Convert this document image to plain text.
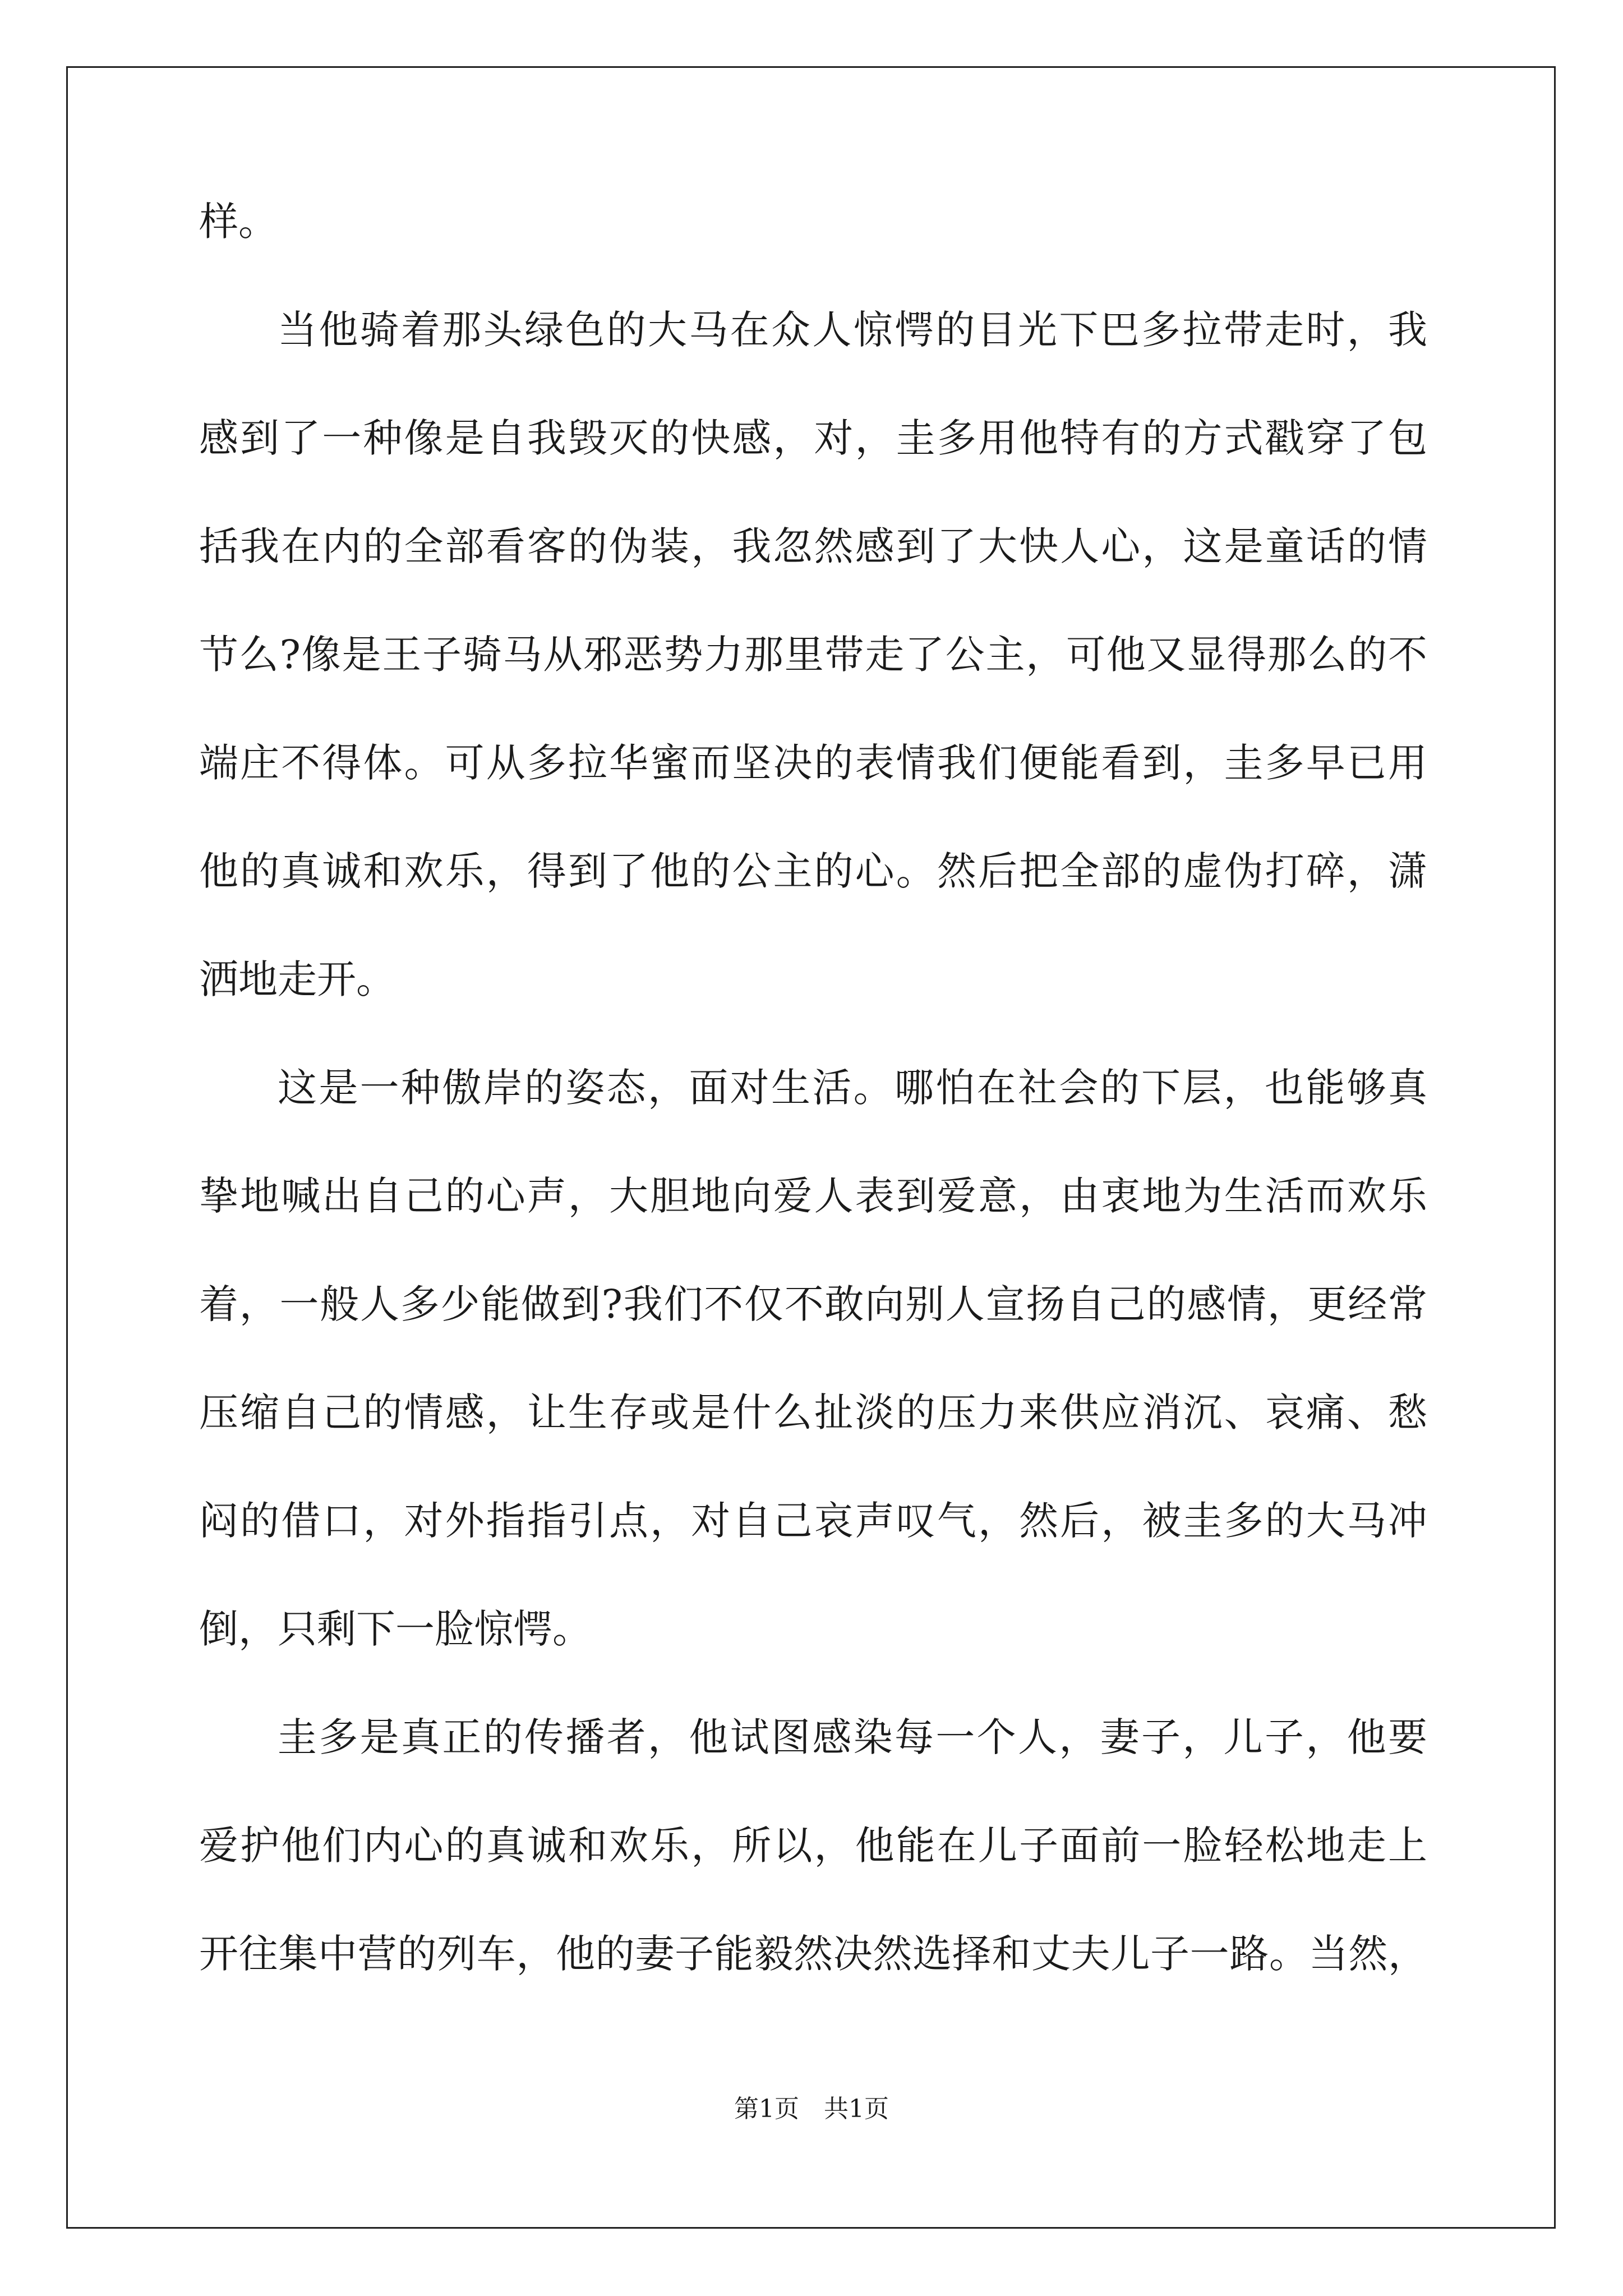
样。
当他骑着那头绿色的大马在众人惊愕的目光下巴多拉带走时，我
感到了一种像是自我毁灭的快感，对，圭多用他特有的方式戳穿了包
括我在内的全部看客的伪装，我忽然感到了大快人心，这是童话的情
节么?像是王子骑马从邪恶势力那里带走了公主，可他又显得那么的不
端庄不得体。可从多拉华蜜而坚决的表情我们便能看到，圭多早已用
他的真诚和欢乐，得到了他的公主的心。然后把全部的虚伪打碎，潇
洒地走开。
这是一种傲岸的姿态，面对生活。哪怕在社会的下层，也能够真
挚地喊出自己的心声，大胆地向爱人表到爱意，由衷地为生活而欢乐
着，一般人多少能做到?我们不仅不敢向别人宣扬自己的感情，更经常
压缩自己的情感，让生存或是什么扯淡的压力来供应消沉、哀痛、愁
闷的借口，对外指指引点，对自己哀声叹气，然后，被圭多的大马冲
倒，只剩下一脸惊愕。
圭多是真正的传播者，他试图感染每一个人，妻子，儿子，他要
爱护他们内心的真诚和欢乐，所以，他能在儿子面前一脸轻松地走上
开往集中营的列车，他的妻子能毅然决然选择和丈夫儿子一路。当然，
第1页　共1页
